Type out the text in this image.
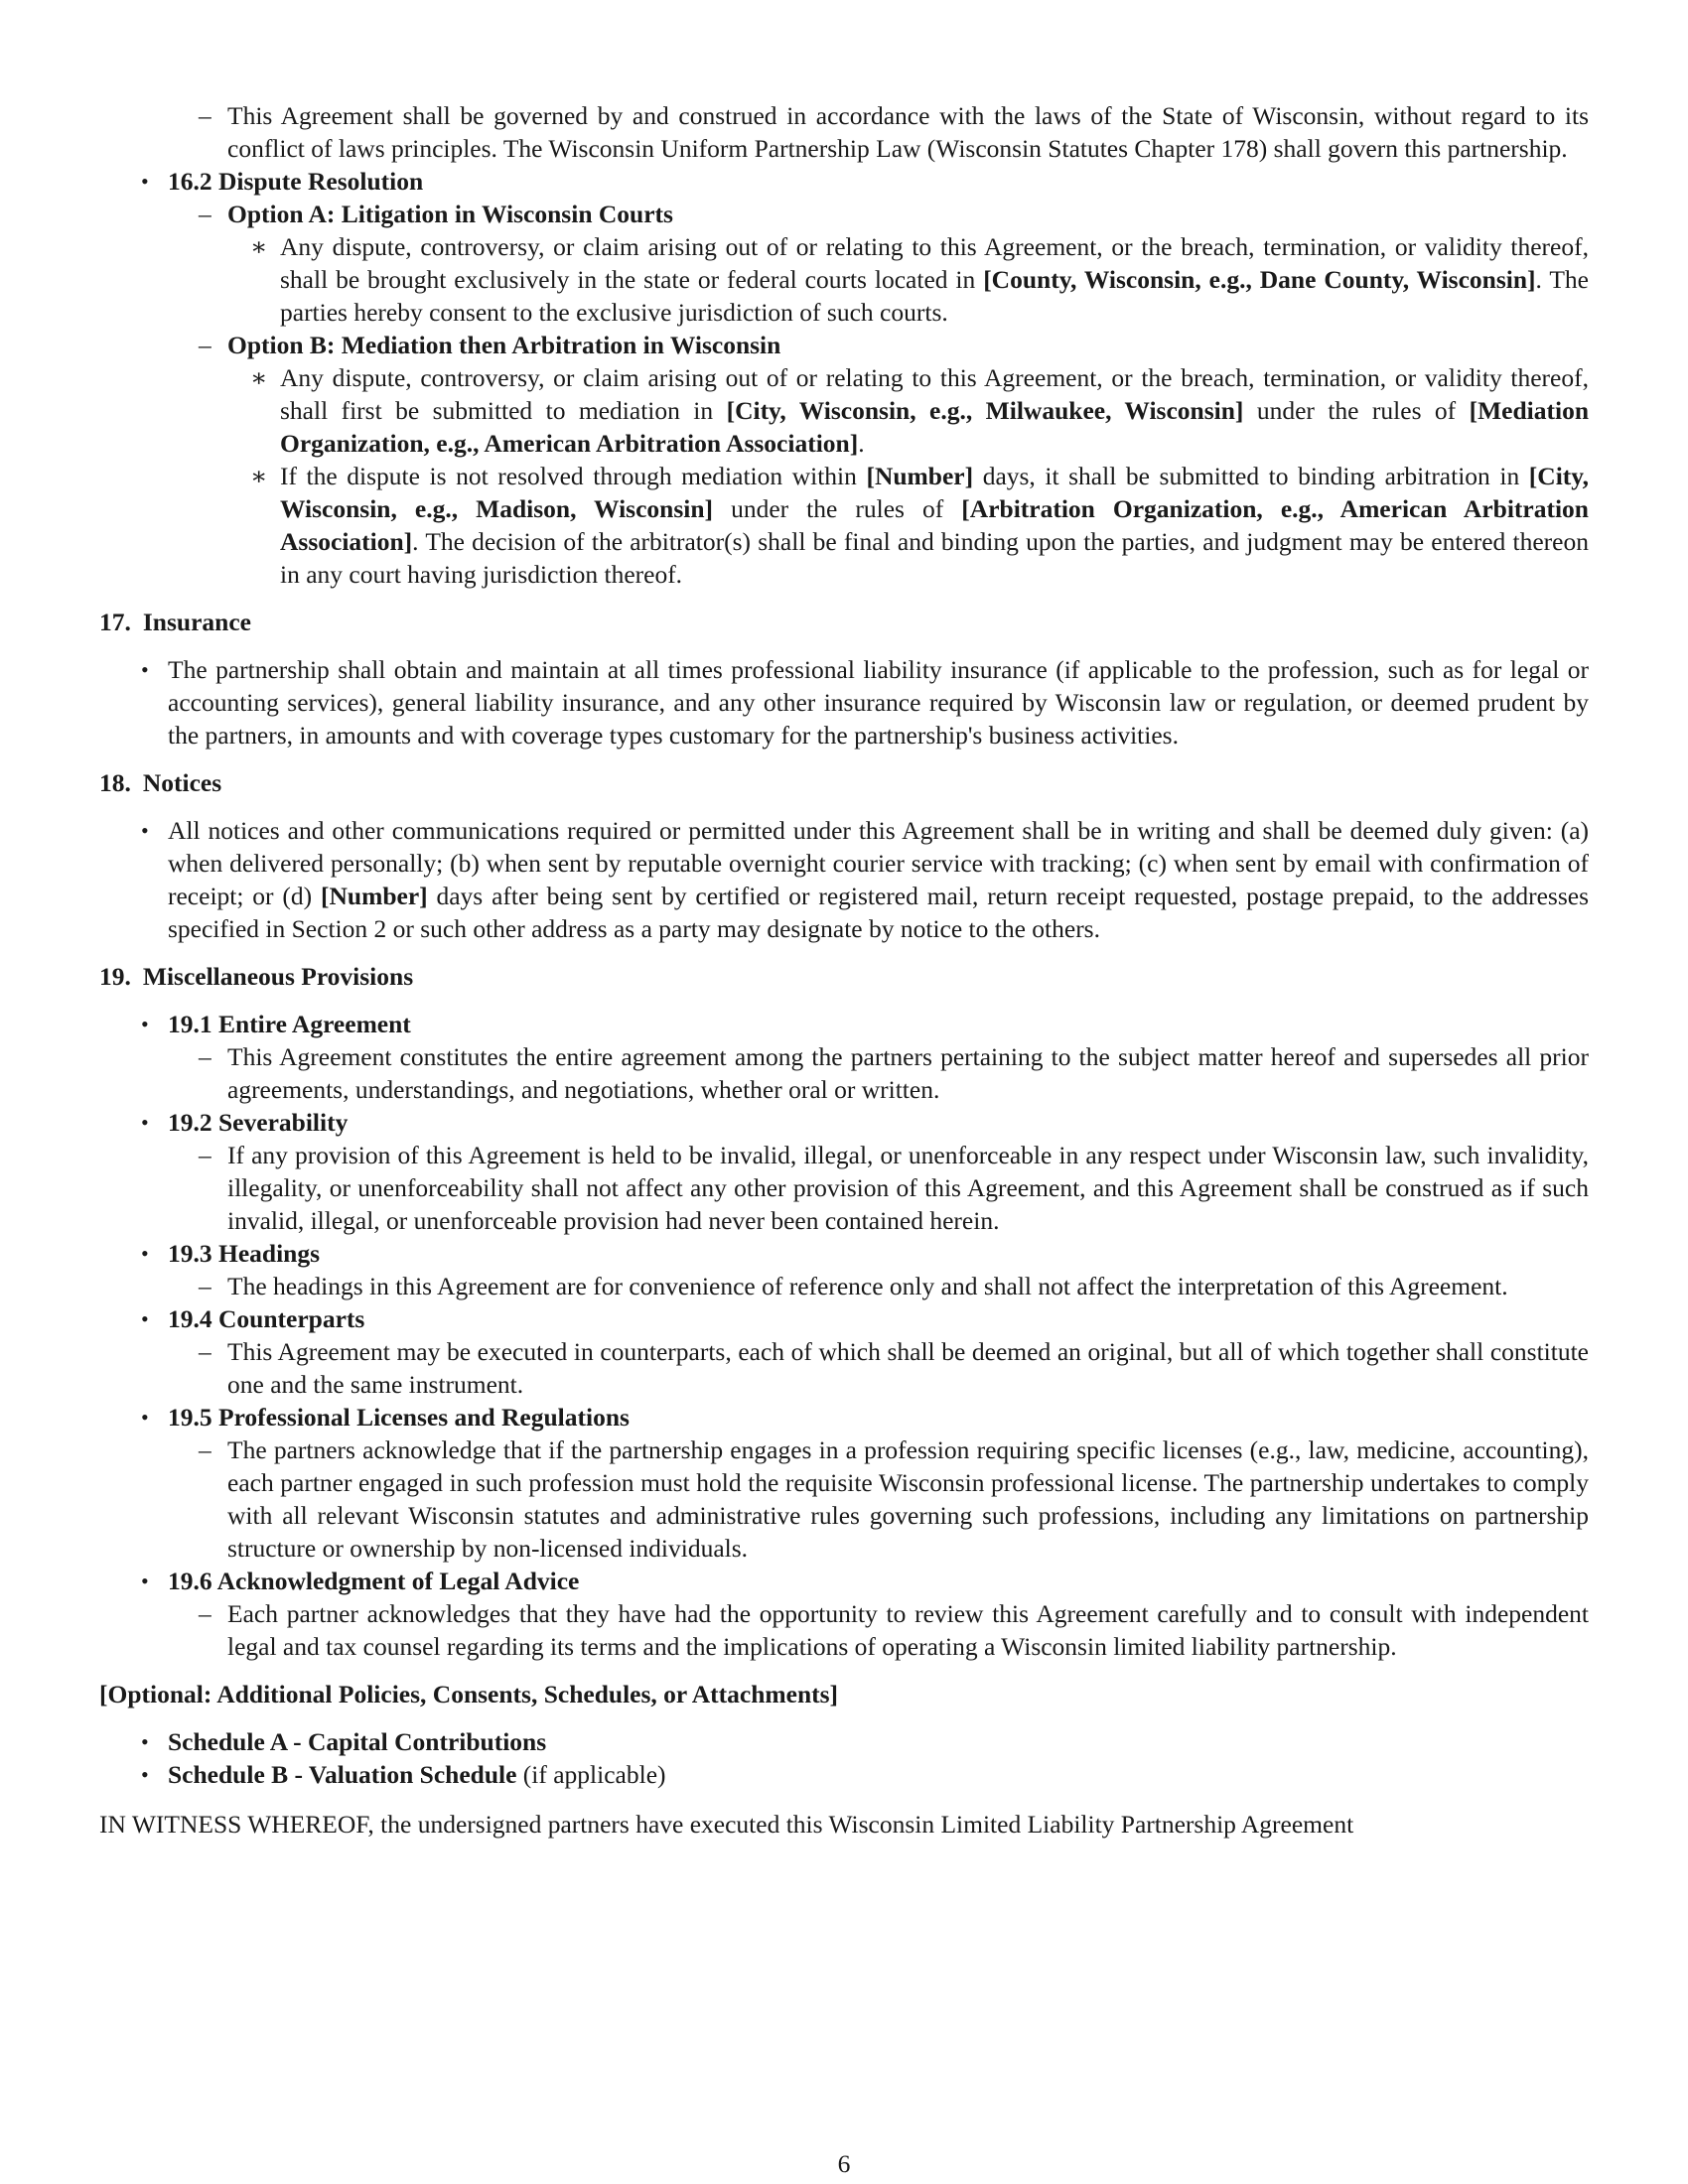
– This Agreement shall be governed by and construed in accordance with the laws of the State of Wisconsin, without regard to its conflict of laws principles. The Wisconsin Uniform Partnership Law (Wisconsin Statutes Chapter 178) shall govern this partnership.

• 16.2 Dispute Resolution

– Option A: Litigation in Wisconsin Courts

∗ Any dispute, controversy, or claim arising out of or relating to this Agreement, or the breach, termination, or validity thereof, shall be brought exclusively in the state or federal courts located in [County, Wisconsin, e.g., Dane County, Wisconsin]. The parties hereby consent to the exclusive jurisdiction of such courts.

– Option B: Mediation then Arbitration in Wisconsin

∗ Any dispute, controversy, or claim arising out of or relating to this Agreement, or the breach, termination, or validity thereof, shall first be submitted to mediation in [City, Wisconsin, e.g., Milwaukee, Wisconsin] under the rules of [Mediation Organization, e.g., American Arbitration Association].

∗ If the dispute is not resolved through mediation within [Number] days, it shall be submitted to binding arbitration in [City, Wisconsin, e.g., Madison, Wisconsin] under the rules of [Arbitration Organization, e.g., American Arbitration Association]. The decision of the arbitrator(s) shall be final and binding upon the parties, and judgment may be entered thereon in any court having jurisdiction thereof.

17. Insurance

• The partnership shall obtain and maintain at all times professional liability insurance (if applicable to the profession, such as for legal or accounting services), general liability insurance, and any other insurance required by Wisconsin law or regulation, or deemed prudent by the partners, in amounts and with coverage types customary for the partnership's business activities.

18. Notices

• All notices and other communications required or permitted under this Agreement shall be in writing and shall be deemed duly given: (a) when delivered personally; (b) when sent by reputable overnight courier service with tracking; (c) when sent by email with confirmation of receipt; or (d) [Number] days after being sent by certified or registered mail, return receipt requested, postage prepaid, to the addresses specified in Section 2 or such other address as a party may designate by notice to the others.

19. Miscellaneous Provisions

• 19.1 Entire Agreement

– This Agreement constitutes the entire agreement among the partners pertaining to the subject matter hereof and supersedes all prior agreements, understandings, and negotiations, whether oral or written.

• 19.2 Severability

– If any provision of this Agreement is held to be invalid, illegal, or unenforceable in any respect under Wisconsin law, such invalidity, illegality, or unenforceability shall not affect any other provision of this Agreement, and this Agreement shall be construed as if such invalid, illegal, or unenforceable provision had never been contained herein.

• 19.3 Headings

– The headings in this Agreement are for convenience of reference only and shall not affect the interpretation of this Agreement.

• 19.4 Counterparts

– This Agreement may be executed in counterparts, each of which shall be deemed an original, but all of which together shall constitute one and the same instrument.

• 19.5 Professional Licenses and Regulations

– The partners acknowledge that if the partnership engages in a profession requiring specific licenses (e.g., law, medicine, accounting), each partner engaged in such profession must hold the requisite Wisconsin professional license. The partnership undertakes to comply with all relevant Wisconsin statutes and administrative rules governing such professions, including any limitations on partnership structure or ownership by non-licensed individuals.

• 19.6 Acknowledgment of Legal Advice

– Each partner acknowledges that they have had the opportunity to review this Agreement carefully and to consult with independent legal and tax counsel regarding its terms and the implications of operating a Wisconsin limited liability partnership.

[Optional: Additional Policies, Consents, Schedules, or Attachments]

• Schedule A - Capital Contributions

• Schedule B - Valuation Schedule (if applicable)

IN WITNESS WHEREOF, the undersigned partners have executed this Wisconsin Limited Liability Partnership Agreement

6
